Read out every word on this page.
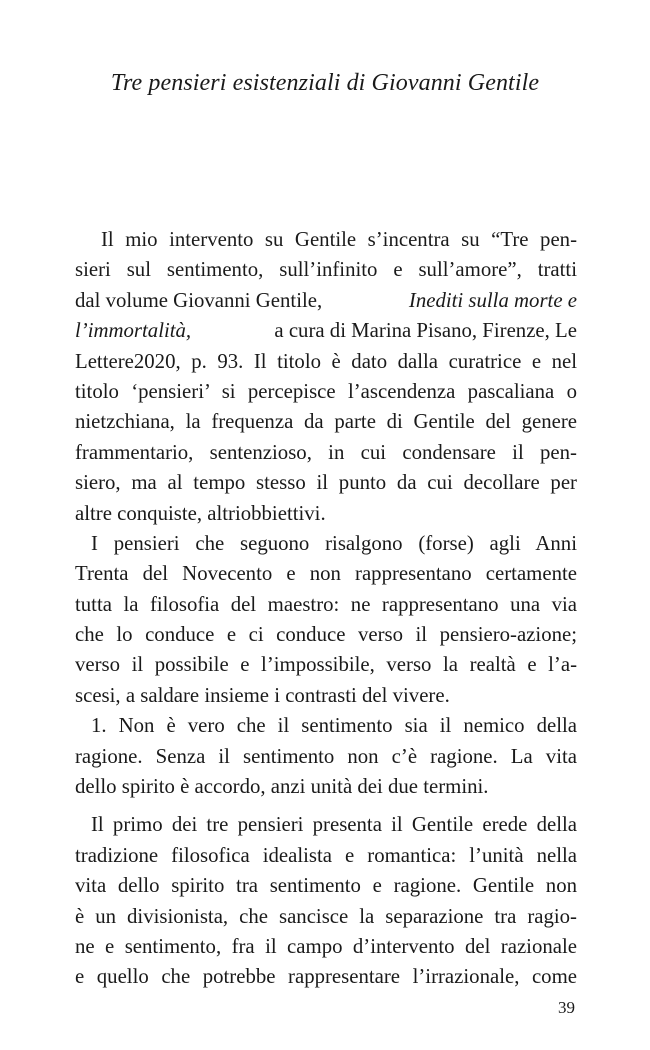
Tre pensieri esistenziali di Giovanni Gentile
Il mio intervento su Gentile s’incentra su “Tre pen-
sieri sul sentimento, sull’infinito e sull’amore”, tratti
dal volume Giovanni Gentile,	Inediti sulla morte e
l’immortalità,	a cura di Marina Pisano, Firenze, Le
Lettere2020, p. 93. Il titolo è dato dalla curatrice e nel
titolo ‘pensieri’ si percepisce l’ascendenza pascaliana o
nietzchiana, la frequenza da parte di Gentile del genere
frammentario, sentenzioso, in cui condensare il pen-
siero, ma al tempo stesso il punto da cui decollare per
altre conquiste, altriobbiettivi.
I pensieri che seguono risalgono (forse) agli Anni
Trenta del Novecento e non rappresentano certamente
tutta la filosofia del maestro: ne rappresentano una via
che lo conduce e ci conduce verso il pensiero-azione;
verso il possibile e l’impossibile, verso la realtà e l’a-
scesi, a saldare insieme i contrasti del vivere.
1. Non è vero che il sentimento sia il nemico della
ragione. Senza il sentimento non c’è ragione. La vita
dello spirito è accordo, anzi unità dei due termini.
Il primo dei tre pensieri presenta il Gentile erede della
tradizione filosofica idealista e romantica: l’unità nella
vita dello spirito tra sentimento e ragione. Gentile non
è un divisionista, che sancisce la separazione tra ragio-
ne e sentimento, fra il campo d’intervento del razionale
e quello che potrebbe rappresentare l’irrazionale, come
39
